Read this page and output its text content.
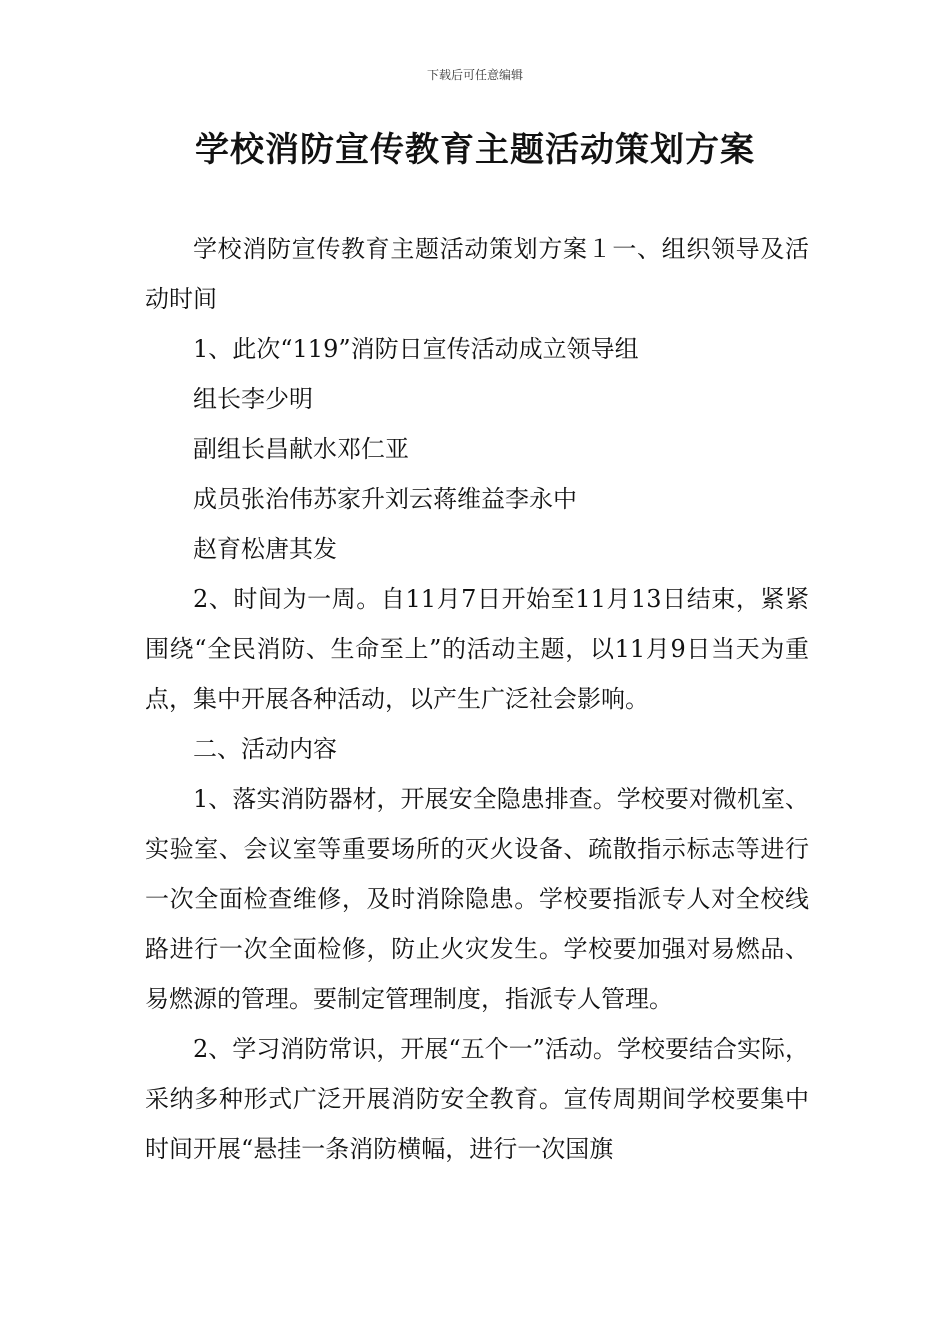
下载后可任意编辑
学校消防宣传教育主题活动策划方案

学校消防宣传教育主题活动策划方案１一、组织领导及活动时间

1、此次“119”消防日宣传活动成立领导组

组长李少明

副组长昌献水邓仁亚

成员张治伟苏家升刘云蒋维益李永中

赵育松唐其发

2、时间为一周。自11月7日开始至11月13日结束，紧紧围绕“全民消防、生命至上”的活动主题，以11月9日当天为重点，集中开展各种活动，以产生广泛社会影响。

二、活动内容

1、落实消防器材，开展安全隐患排查。学校要对微机室、实验室、会议室等重要场所的灭火设备、疏散指示标志等进行一次全面检查维修，及时消除隐患。学校要指派专人对全校线路进行一次全面检修，防止火灾发生。学校要加强对易燃品、易燃源的管理。要制定管理制度，指派专人管理。

2、学习消防常识，开展“五个一”活动。学校要结合实际，采纳多种形式广泛开展消防安全教育。宣传周期间学校要集中时间开展“悬挂一条消防横幅，进行一次国旗
